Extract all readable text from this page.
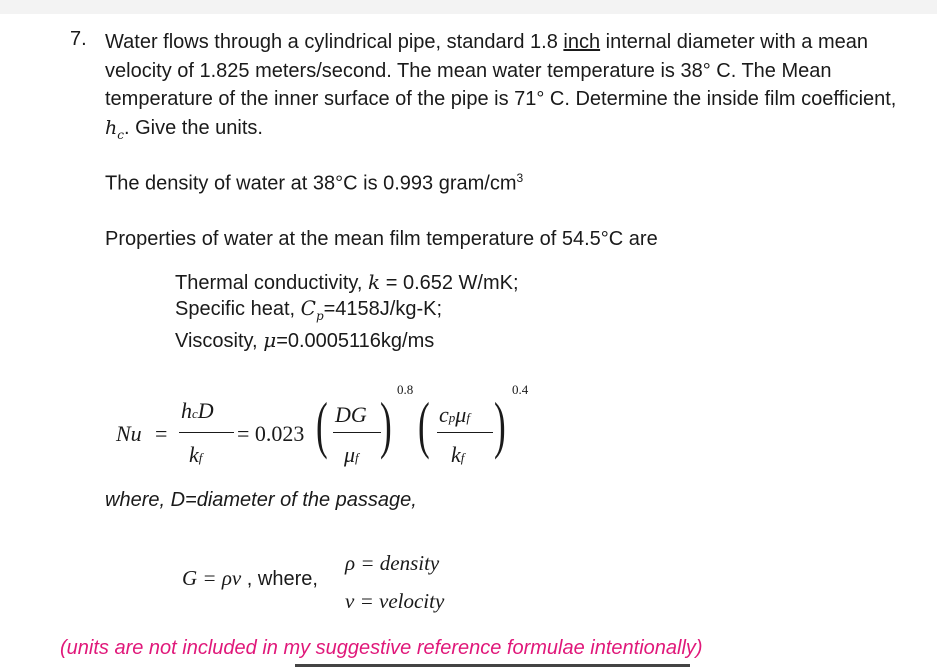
7. Water flows through a cylindrical pipe, standard 1.8 inch internal diameter with a mean velocity of 1.825 meters/second. The mean water temperature is 38° C. The Mean temperature of the inner surface of the pipe is 71° C. Determine the inside film coefficient, $h_c$. Give the units.
The density of water at 38°C is 0.993 gram/$cm^3$
Properties of water at the mean film temperature of 54.5°C are
Thermal conductivity, k = 0.652 W/mK;
Specific heat, $C_p=4158J/kg-K$;
Viscosity, μ=0.0005116kg/ms
Nu =
hcD
kf
= 0.023 ( DG
μf ) 0.8 ( cpμf
kf ) 0.4
where, D=diameter of the passage,
G = ρv , where,
ρ = density
v = velocity
(units are not included in my suggestive reference formulae intentionally)
